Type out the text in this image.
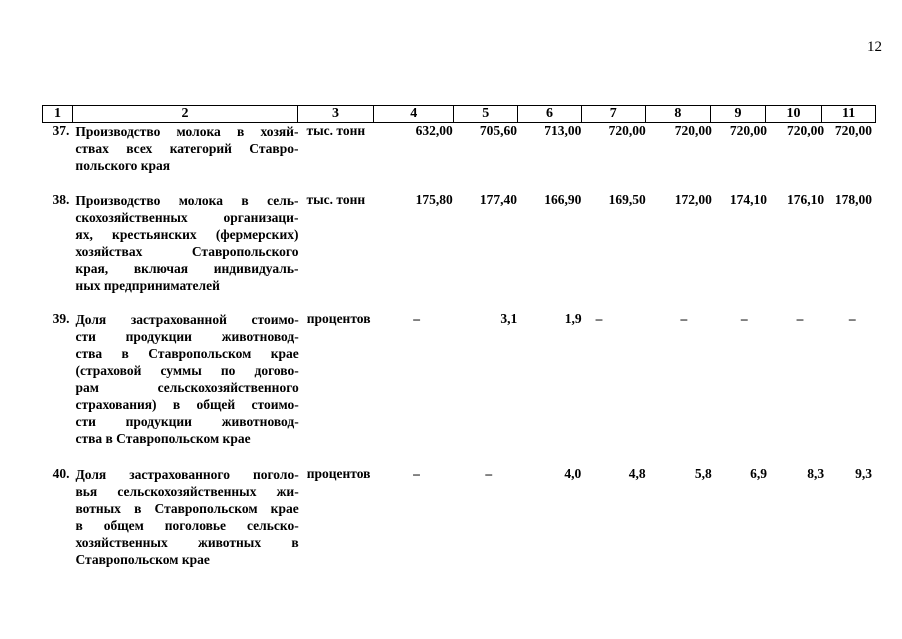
12
1	2	3	4	5	6	7	8	9	10	11
37. Производство молока в хозяй-
ствах всех категорий Ставро-
польского края
тыс. тонн	632,00	705,60	713,00	720,00	720,00	720,00	720,00 720,00
38. Производство молока в сель-
скохозяйственных организаци-
ях, крестьянских (фермерских)
хозяйствах Ставропольского
края, включая индивидуаль-
ных предпринимателей
тыс. тонн	175,80	177,40	166,90	169,50	172,00	174,10	176,10 178,00
39. Доля застрахованной стоимо-
сти продукции животновод-
ства в Ставропольском крае
(страховой суммы по догово-
рам сельскохозяйственного
страхования) в общей стоимо-
сти продукции животновод-
ства в Ставропольском крае
процентов	–	3,1	1,9	–	–	–	–	–
40. Доля застрахованного поголо-
вья сельскохозяйственных жи-
вотных в Ставропольском крае
в общем поголовье сельско-
хозяйственных животных в
Ставропольском крае
процентов	–	–	4,0	4,8	5,8	6,9	8,3	9,3
